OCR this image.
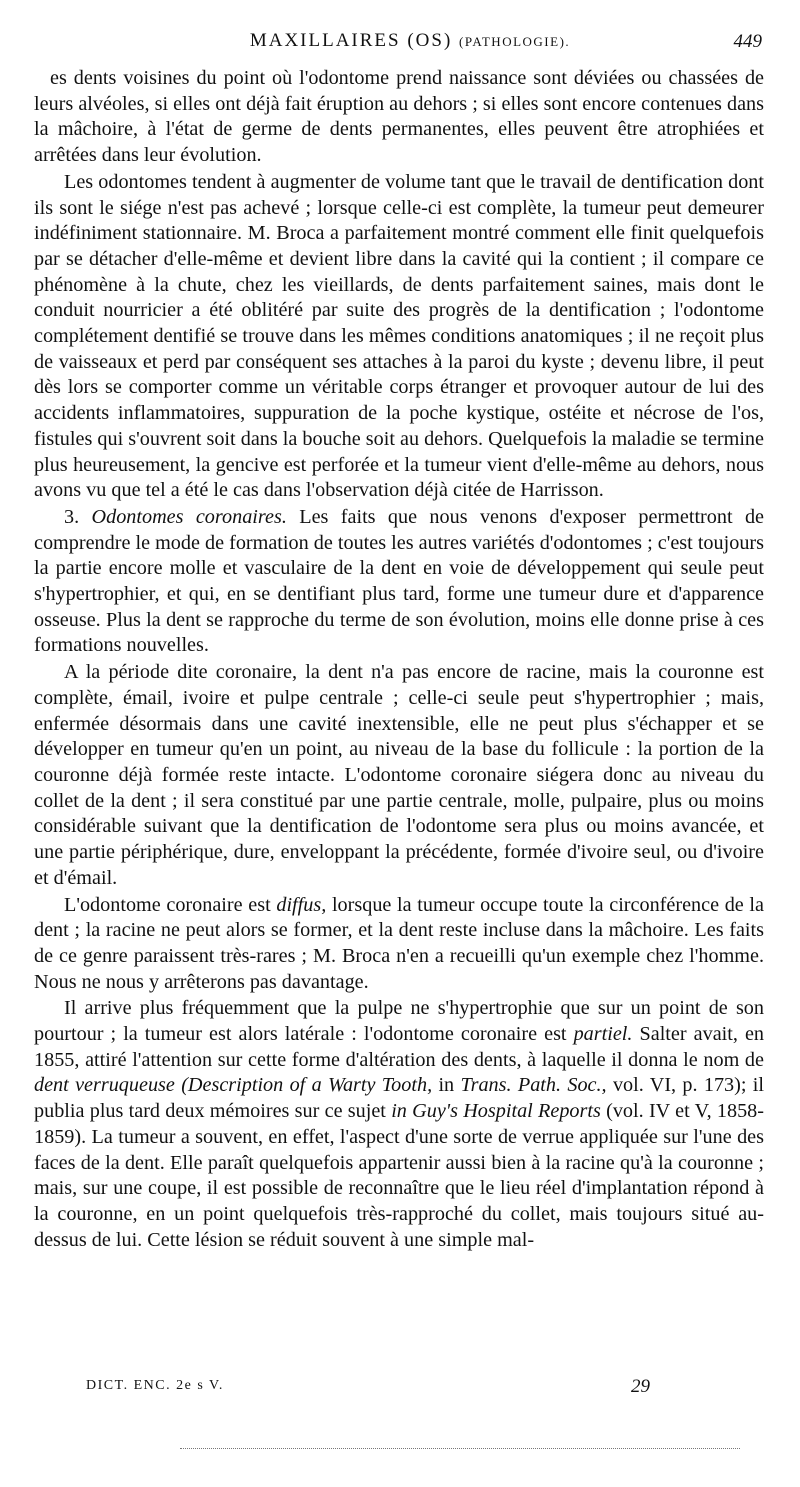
MAXILLAIRES (OS) (PATHOLOGIE).	449

es dents voisines du point où l'odontome prend naissance sont déviées ou chassées de leurs alvéoles, si elles ont déjà fait éruption au dehors ; si elles sont encore contenues dans la mâchoire, à l'état de germe de dents permanentes, elles peuvent être atrophiées et arrêtées dans leur évolution.

Les odontomes tendent à augmenter de volume tant que le travail de dentification dont ils sont le siége n'est pas achevé ; lorsque celle-ci est complète, la tumeur peut demeurer indéfiniment stationnaire. M. Broca a parfaitement montré comment elle finit quelquefois par se détacher d'elle-même et devient libre dans la cavité qui la contient ; il compare ce phénomène à la chute, chez les vieillards, de dents parfaitement saines, mais dont le conduit nourricier a été oblitéré par suite des progrès de la dentification ; l'odontome complétement dentifié se trouve dans les mêmes conditions anatomiques ; il ne reçoit plus de vaisseaux et perd par conséquent ses attaches à la paroi du kyste ; devenu libre, il peut dès lors se comporter comme un véritable corps étranger et provoquer autour de lui des accidents inflammatoires, suppuration de la poche kystique, ostéite et nécrose de l'os, fistules qui s'ouvrent soit dans la bouche soit au dehors. Quelquefois la maladie se termine plus heureusement, la gencive est perforée et la tumeur vient d'elle-même au dehors, nous avons vu que tel a été le cas dans l'observation déjà citée de Harrisson.

3. Odontomes coronaires. Les faits que nous venons d'exposer permettront de comprendre le mode de formation de toutes les autres variétés d'odontomes ; c'est toujours la partie encore molle et vasculaire de la dent en voie de développement qui seule peut s'hypertrophier, et qui, en se dentifiant plus tard, forme une tumeur dure et d'apparence osseuse. Plus la dent se rapproche du terme de son évolution, moins elle donne prise à ces formations nouvelles.

A la période dite coronaire, la dent n'a pas encore de racine, mais la couronne est complète, émail, ivoire et pulpe centrale ; celle-ci seule peut s'hypertrophier ; mais, enfermée désormais dans une cavité inextensible, elle ne peut plus s'échapper et se développer en tumeur qu'en un point, au niveau de la base du follicule : la portion de la couronne déjà formée reste intacte. L'odontome coronaire siégera donc au niveau du collet de la dent ; il sera constitué par une partie centrale, molle, pulpaire, plus ou moins considérable suivant que la dentification de l'odontome sera plus ou moins avancée, et une partie périphérique, dure, enveloppant la précédente, formée d'ivoire seul, ou d'ivoire et d'émail.

L'odontome coronaire est diffus, lorsque la tumeur occupe toute la circonférence de la dent ; la racine ne peut alors se former, et la dent reste incluse dans la mâchoire. Les faits de ce genre paraissent très-rares ; M. Broca n'en a recueilli qu'un exemple chez l'homme. Nous ne nous y arrêterons pas davantage.

Il arrive plus fréquemment que la pulpe ne s'hypertrophie que sur un point de son pourtour ; la tumeur est alors latérale : l'odontome coronaire est partiel. Salter avait, en 1855, attiré l'attention sur cette forme d'altération des dents, à laquelle il donna le nom de dent verruqueuse (Description of a Warty Tooth, in Trans. Path. Soc., vol. VI, p. 173); il publia plus tard deux mémoires sur ce sujet in Guy's Hospital Reports (vol. IV et V, 1858-1859). La tumeur a souvent, en effet, l'aspect d'une sorte de verrue appliquée sur l'une des faces de la dent. Elle paraît quelquefois appartenir aussi bien à la racine qu'à la couronne ; mais, sur une coupe, il est possible de reconnaître que le lieu réel d'implantation répond à la couronne, en un point quelquefois très-rapproché du collet, mais toujours situé au-dessus de lui. Cette lésion se réduit souvent à une simple mal-

DICT. ENC. 2e s V.	29
